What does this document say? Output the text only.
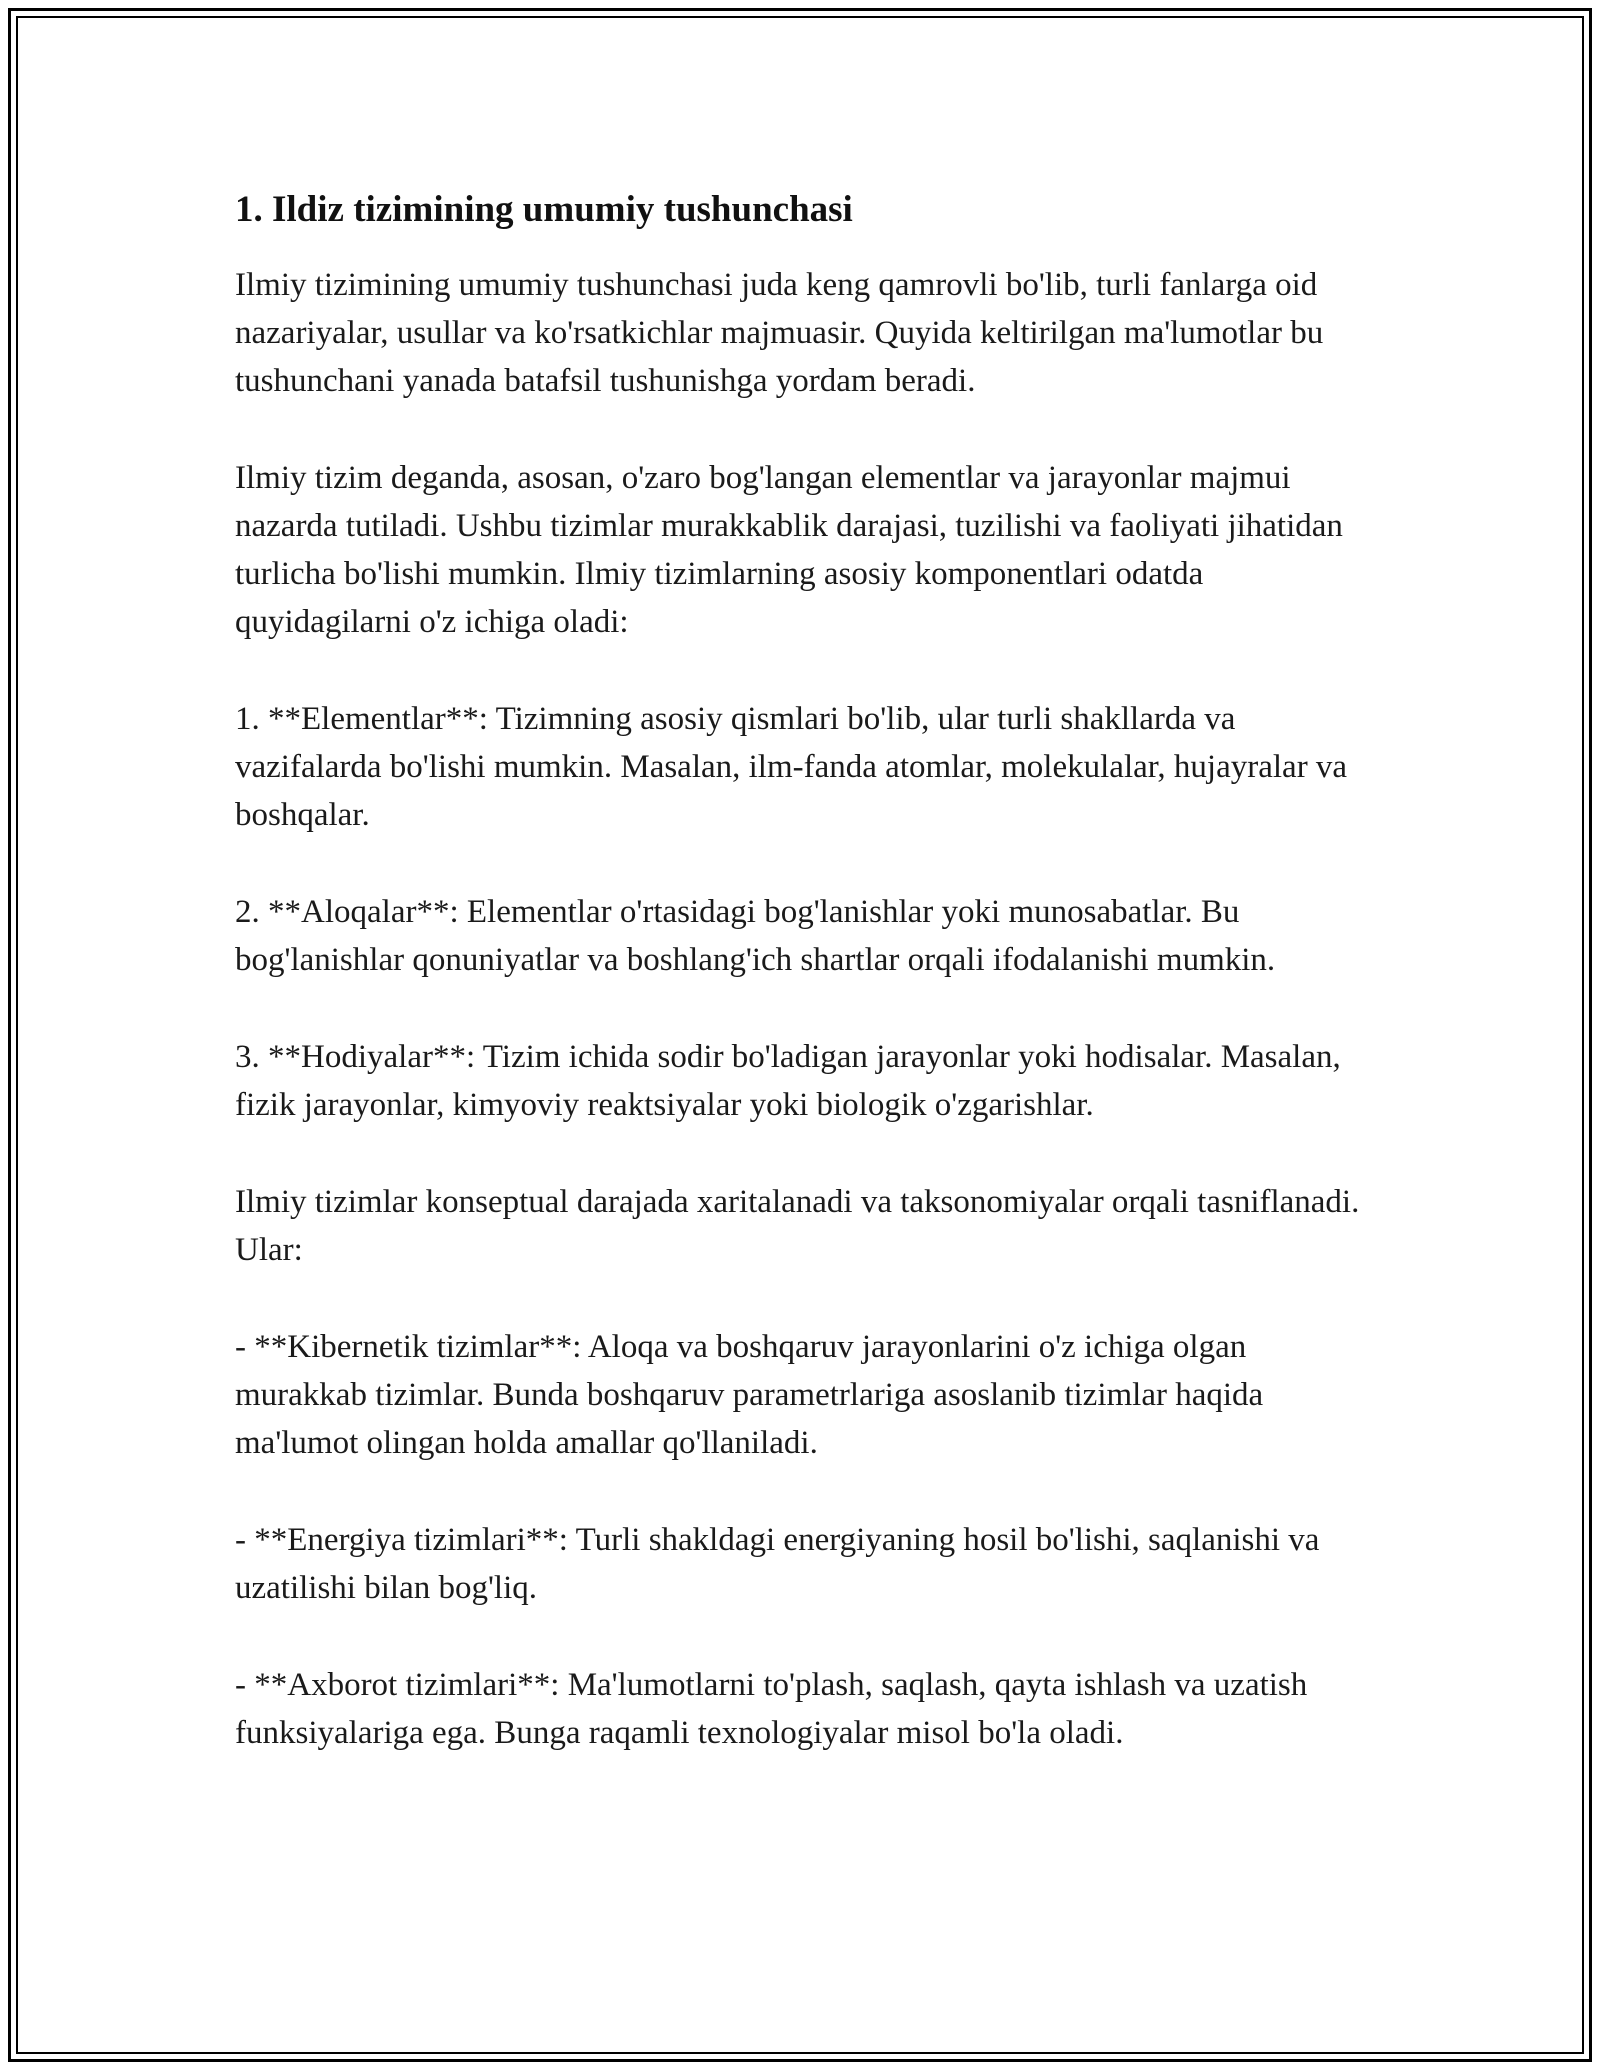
1. Ildiz tizimining umumiy tushunchasi

Ilmiy tizimining umumiy tushunchasi juda keng qamrovli bo'lib, turli fanlarga oid nazariyalar, usullar va ko'rsatkichlar majmuasir. Quyida keltirilgan ma'lumotlar bu tushunchani yanada batafsil tushunishga yordam beradi.

Ilmiy tizim deganda, asosan, o'zaro bog'langan elementlar va jarayonlar majmui nazarda tutiladi. Ushbu tizimlar murakkablik darajasi, tuzilishi va faoliyati jihatidan turlicha bo'lishi mumkin. Ilmiy tizimlarning asosiy komponentlari odatda quyidagilarni o'z ichiga oladi:

1. **Elementlar**: Tizimning asosiy qismlari bo'lib, ular turli shakllarda va vazifalarda bo'lishi mumkin. Masalan, ilm-fanda atomlar, molekulalar, hujayralar va boshqalar.

2. **Aloqalar**: Elementlar o'rtasidagi bog'lanishlar yoki munosabatlar. Bu bog'lanishlar qonuniyatlar va boshlang'ich shartlar orqali ifodalanishi mumkin.

3. **Hodiyalar**: Tizim ichida sodir bo'ladigan jarayonlar yoki hodisalar. Masalan, fizik jarayonlar, kimyoviy reaktsiyalar yoki biologik o'zgarishlar.

Ilmiy tizimlar konseptual darajada xaritalanadi va taksonomiyalar orqali tasniflanadi. Ular:

- **Kibernetik tizimlar**: Aloqa va boshqaruv jarayonlarini o'z ichiga olgan murakkab tizimlar. Bunda boshqaruv parametrlariga asoslanib tizimlar haqida ma'lumot olingan holda amallar qo'llaniladi.

- **Energiya tizimlari**: Turli shakldagi energiyaning hosil bo'lishi, saqlanishi va uzatilishi bilan bog'liq.

- **Axborot tizimlari**: Ma'lumotlarni to'plash, saqlash, qayta ishlash va uzatish funksiyalariga ega. Bunga raqamli texnologiyalar misol bo'la oladi.
